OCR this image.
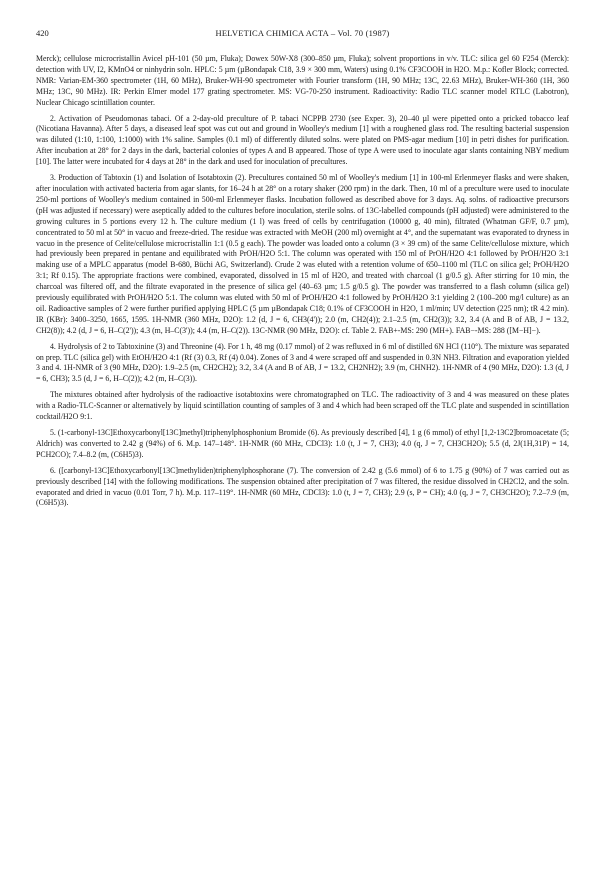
420	HELVETICA CHIMICA ACTA – Vol. 70 (1987)

Merck); cellulose microcristallin Avicel pH-101 (50 µm, Fluka); Dowex 50W-X8 (300–850 µm, Fluka); solvent proportions in v/v. TLC: silica gel 60 F254 (Merck): detection with UV, I2, KMnO4 or ninhydrin soln. HPLC: 5 µm (µBondapak C18, 3.9 × 300 mm, Waters) using 0.1% CF3COOH in H2O. M.p.: Kofler Block; corrected. NMR: Varian-EM-360 spectrometer (1H, 60 MHz), Bruker-WH-90 spectrometer with Fourier transform (1H, 90 MHz; 13C, 22.63 MHz), Bruker-WH-360 (1H, 360 MHz; 13C, 90 MHz). IR: Perkin Elmer model 177 grating spectrometer. MS: VG-70-250 instrument. Radioactivity: Radio TLC scanner model RTLC (Labotron), Nuclear Chicago scintillation counter.

2. Activation of Pseudomonas tabaci. Of a 2-day-old preculture of P. tabaci NCPPB 2730 (see Exper. 3), 20–40 µl were pipetted onto a pricked tobacco leaf (Nicotiana Havanna). After 5 days, a diseased leaf spot was cut out and ground in Woolley's medium [1] with a roughened glass rod. The resulting bacterial suspension was diluted (1:10, 1:100, 1:1000) with 1% saline. Samples (0.1 ml) of differently diluted solns. were plated on PMS-agar medium [10] in petri dishes for purification. After incubation at 28° for 2 days in the dark, bacterial colonies of types A and B appeared. Those of type A were used to inoculate agar slants containing NBY medium [10]. The latter were incubated for 4 days at 28° in the dark and used for inoculation of precultures.

3. Production of Tabtoxin (1) and Isolation of Isotabtoxin (2). Precultures contained 50 ml of Woolley's medium [1] in 100-ml Erlenmeyer flasks and were shaken, after inoculation with activated bacteria from agar slants, for 16–24 h at 28° on a rotary shaker (200 rpm) in the dark. Then, 10 ml of a preculture were used to inoculate 250-ml portions of Woolley's medium contained in 500-ml Erlenmeyer flasks. Incubation followed as described above for 3 days. Aq. solns. of radioactive precursors (pH was adjusted if necessary) were aseptically added to the cultures before inoculation, sterile solns. of 13C-labelled compounds (pH adjusted) were administered to the growing cultures in 5 portions every 12 h. The culture medium (1 l) was freed of cells by centrifugation (10000 g, 40 min), filtrated (Whatman GF/F, 0.7 µm), concentrated to 50 ml at 50° in vacuo and freeze-dried. The residue was extracted with MeOH (200 ml) overnight at 4°, and the supernatant was evaporated to dryness in vacuo in the presence of Celite/cellulose microcristallin 1:1 (0.5 g each). The powder was loaded onto a column (3 × 39 cm) of the same Celite/cellulose mixture, which had previously been prepared in pentane and equilibrated with PrOH/H2O 5:1. The column was operated with 150 ml of PrOH/H2O 4:1 followed by PrOH/H2O 3:1 making use of a MPLC apparatus (model B-680, Büchi AG, Switzerland). Crude 2 was eluted with a retention volume of 650–1100 ml (TLC on silica gel; PrOH/H2O 3:1; Rf 0.15). The appropriate fractions were combined, evaporated, dissolved in 15 ml of H2O, and treated with charcoal (1 g/0.5 g). After stirring for 10 min, the charcoal was filtered off, and the filtrate evaporated in the presence of silica gel (40–63 µm; 1.5 g/0.5 g). The powder was transferred to a flash column (silica gel) previously equilibrated with PrOH/H2O 5:1. The column was eluted with 50 ml of PrOH/H2O 4:1 followed by PrOH/H2O 3:1 yielding 2 (100–200 mg/l culture) as an oil. Radioactive samples of 2 were further purified applying HPLC (5 µm µBondapak C18; 0.1% of CF3COOH in H2O, 1 ml/min; UV detection (225 nm); tR 4.2 min). IR (KBr): 3400–3250, 1665, 1595. 1H-NMR (360 MHz, D2O): 1.2 (d, J = 6, CH3(4')); 2.0 (m, CH2(4)); 2.1–2.5 (m, CH2(3)); 3.2, 3.4 (A and B of AB, J = 13.2, CH2(8)); 4.2 (d, J = 6, H–C(2')); 4.3 (m, H–C(3')); 4.4 (m, H–C(2)). 13C-NMR (90 MHz, D2O): cf. Table 2. FAB+-MS: 290 (MH+). FAB−-MS: 288 ([M−H]−).

4. Hydrolysis of 2 to Tabtoxinine (3) and Threonine (4). For 1 h, 48 mg (0.17 mmol) of 2 was refluxed in 6 ml of distilled 6N HCl (110°). The mixture was separated on prep. TLC (silica gel) with EtOH/H2O 4:1 (Rf (3) 0.3, Rf (4) 0.04). Zones of 3 and 4 were scraped off and suspended in 0.3N NH3. Filtration and evaporation yielded 3 and 4. 1H-NMR of 3 (90 MHz, D2O): 1.9–2.5 (m, CH2CH2); 3.2, 3.4 (A and B of AB, J = 13.2, CH2NH2); 3.9 (m, CHNH2). 1H-NMR of 4 (90 MHz, D2O): 1.3 (d, J = 6, CH3); 3.5 (d, J = 6, H–C(2)); 4.2 (m, H–C(3)).

The mixtures obtained after hydrolysis of the radioactive isotabtoxins were chromatographed on TLC. The radioactivity of 3 and 4 was measured on these plates with a Radio-TLC-Scanner or alternatively by liquid scintillation counting of samples of 3 and 4 which had been scraped off the TLC plate and suspended in scintillation cocktail/H2O 9:1.

5. (1-carbonyl-13C]Ethoxycarbonyl[13C]methyl)triphenylphosphonium Bromide (6). As previously described [4], 1 g (6 mmol) of ethyl [1,2-13C2]bromoacetate (5; Aldrich) was converted to 2.42 g (94%) of 6. M.p. 147–148°. 1H-NMR (60 MHz, CDCl3): 1.0 (t, J = 7, CH3); 4.0 (q, J = 7, CH3CH2O); 5.5 (d, 2J(1H,31P) = 14, PCH2CO); 7.4–8.2 (m, (C6H5)3).

6. ([carbonyl-13C]Ethoxycarbonyl[13C]methyliden)triphenylphosphorane (7). The conversion of 2.42 g (5.6 mmol) of 6 to 1.75 g (90%) of 7 was carried out as previously described [14] with the following modifications. The suspension obtained after precipitation of 7 was filtered, the residue dissolved in CH2Cl2, and the soln. evaporated and dried in vacuo (0.01 Torr, 7 h). M.p. 117–119°. 1H-NMR (60 MHz, CDCl3): 1.0 (t, J = 7, CH3); 2.9 (s, P = CH); 4.0 (q, J = 7, CH3CH2O); 7.2–7.9 (m, (C6H5)3).
